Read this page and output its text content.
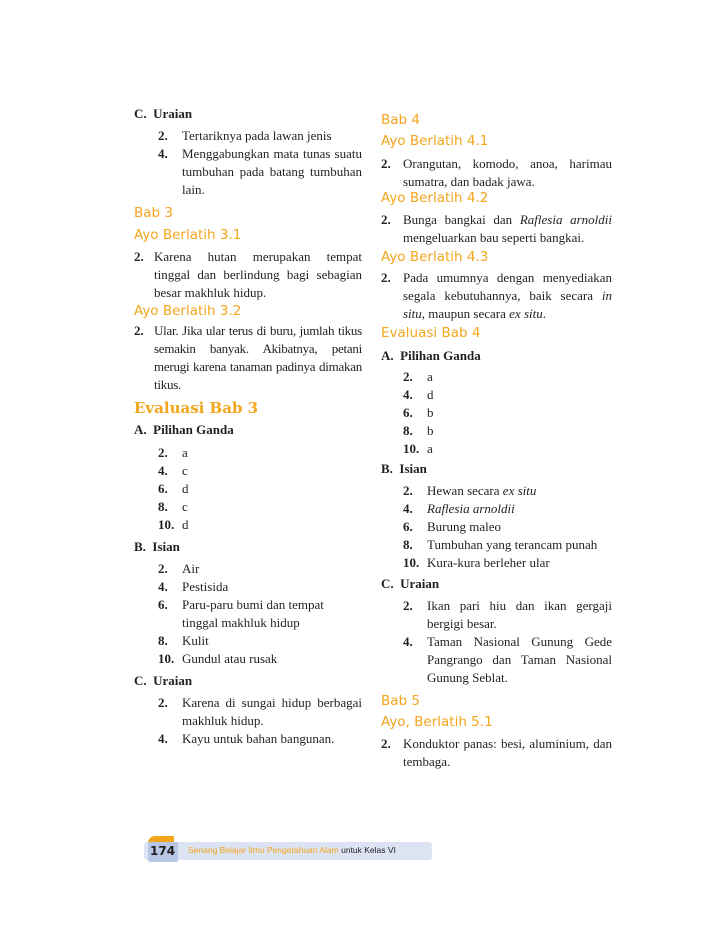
C. Uraian
2.	Tertariknya pada lawan jenis
4.	Menggabungkan mata tunas suatu tumbuhan pada batang tumbuhan lain.
Bab 3
Ayo Berlatih 3.1
2. Karena hutan merupakan tempat tinggal dan berlindung bagi sebagian besar makhluk hidup.
Ayo Berlatih 3.2
2. Ular. Jika ular terus di buru, jumlah tikus semakin banyak. Akibatnya, petani merugi karena tanaman padinya dimakan tikus.
Evaluasi Bab 3
A. Pilihan Ganda
2.	a
4.	c
6.	d
8.	c
10. d
B. Isian
2.	Air
4.	Pestisida
6.	Paru-paru bumi dan tempat tinggal makhluk hidup
8.	Kulit
10. Gundul atau rusak
C. Uraian
2.	Karena di sungai hidup berbagai makhluk hidup.
4.	Kayu untuk bahan bangunan.
Bab 4
Ayo Berlatih 4.1
2. Orangutan, komodo, anoa, harimau sumatra, dan badak jawa.
Ayo Berlatih 4.2
2. Bunga bangkai dan Raflesia arnoldii mengeluarkan bau seperti bangkai.
Ayo Berlatih 4.3
2. Pada umumnya dengan menyediakan segala kebutuhannya, baik secara in situ, maupun secara ex situ.
Evaluasi Bab 4
A. Pilihan Ganda
2.	a
4.	d
6.	b
8.	b
10. a
B. Isian
2.	Hewan secara ex situ
4.	Raflesia arnoldii
6.	Burung maleo
8.	Tumbuhan yang terancam punah
10. Kura-kura berleher ular
C. Uraian
2.	Ikan pari hiu dan ikan gergaji bergigi besar.
4.	Taman Nasional Gunung Gede Pangrango dan Taman Nasional Gunung Seblat.
Bab 5
Ayo, Berlatih 5.1
2. Konduktor panas: besi, aluminium, dan tembaga.
174 Senang Belajar Ilmu Pengetahuan Alam untuk Kelas VI
